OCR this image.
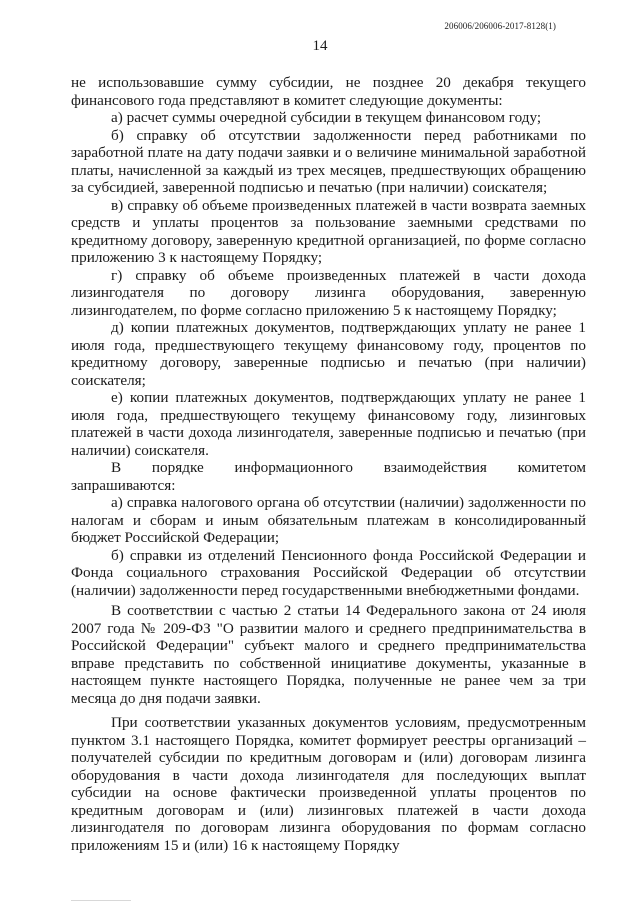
206006/206006-2017-8128(1)
14

не использовавшие сумму субсидии, не позднее 20 декабря текущего финансового года представляют в комитет следующие документы:

а) расчет суммы очередной субсидии в текущем финансовом году;

б) справку об отсутствии задолженности перед работниками по заработной плате на дату подачи заявки и о величине минимальной заработной платы, начисленной за каждый из трех месяцев, предшествующих обращению за субсидией, заверенной подписью и печатью (при наличии) соискателя;

в) справку об объеме произведенных платежей в части возврата заемных средств и уплаты процентов за пользование заемными средствами по кредитному договору, заверенную кредитной организацией, по форме согласно приложению 3 к настоящему Порядку;

г) справку об объеме произведенных платежей в части дохода лизингодателя по договору лизинга оборудования, заверенную лизингодателем, по форме согласно приложению 5 к настоящему Порядку;

д) копии платежных документов, подтверждающих уплату не ранее 1 июля года, предшествующего текущему финансовому году, процентов по кредитному договору, заверенные подписью и печатью (при наличии) соискателя;

е) копии платежных документов, подтверждающих уплату не ранее 1 июля года, предшествующего текущему финансовому году, лизинговых платежей в части дохода лизингодателя, заверенные подписью и печатью (при наличии) соискателя.

В порядке информационного взаимодействия комитетом запрашиваются:

а) справка налогового органа об отсутствии (наличии) задолженности по налогам и сборам и иным обязательным платежам в консолидированный бюджет Российской Федерации;

б) справки из отделений Пенсионного фонда Российской Федерации и Фонда социального страхования Российской Федерации об отсутствии (наличии) задолженности перед государственными внебюджетными фондами.

В соответствии с частью 2 статьи 14 Федерального закона от 24 июля 2007 года № 209-ФЗ "О развитии малого и среднего предпринимательства в Российской Федерации" субъект малого и среднего предпринимательства вправе представить по собственной инициативе документы, указанные в настоящем пункте настоящего Порядка, полученные не ранее чем за три месяца до дня подачи заявки.

При соответствии указанных документов условиям, предусмотренным пунктом 3.1 настоящего Порядка, комитет формирует реестры организаций – получателей субсидии по кредитным договорам и (или) договорам лизинга оборудования в части дохода лизингодателя для последующих выплат субсидии на основе фактически произведенной уплаты процентов по кредитным договорам и (или) лизинговых платежей в части дохода лизингодателя по договорам лизинга оборудования по формам согласно приложениям 15 и (или) 16 к настоящему Порядку
